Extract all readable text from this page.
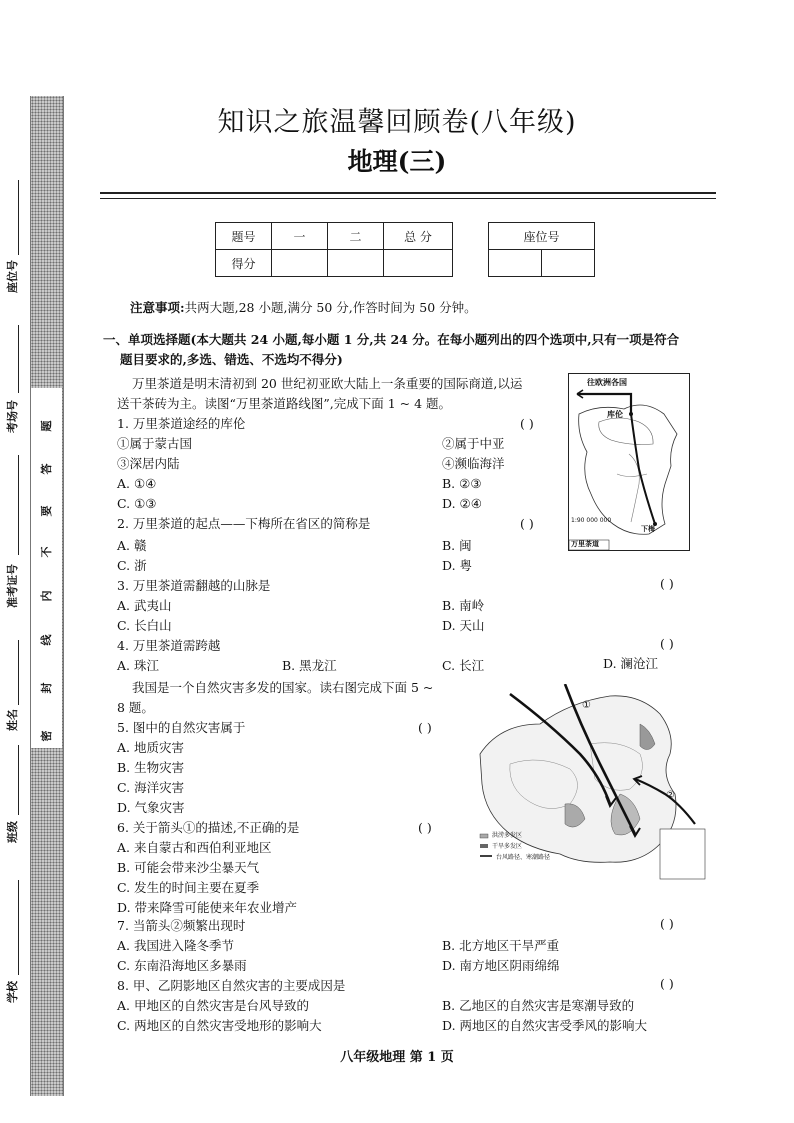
密
封
线
内
不
要
答
题
学校
班级
姓名
准考证号
考场号
座位号
知识之旅温馨回顾卷(八年级)
地理(三)
题号	一	二	总 分
得分			
座位号

注意事项:共两大题,28 小题,满分 50 分,作答时间为 50 分钟。
一、单项选择题(本大题共 24 小题,每小题 1 分,共 24 分。在每小题列出的四个选项中,只有一项是符合
题目要求的,多选、错选、不选均不得分)
万里茶道是明末清初到 20 世纪初亚欧大陆上一条重要的国际商道,以运
送干茶砖为主。读图“万里茶道路线图”,完成下面 1 ~ 4 题。
1. 万里茶道途经的库伦	( )
①属于蒙古国	②属于中亚
③深居内陆	④濒临海洋
A. ①④	B. ②③
C. ①③	D. ②④
2. 万里茶道的起点——下梅所在省区的简称是	( )
A. 赣	B. 闽
C. 浙	D. 粤
3. 万里茶道需翻越的山脉是	( )
A. 武夷山	B. 南岭
C. 长白山	D. 天山
4. 万里茶道需跨越	( )
A. 珠江	B. 黑龙江	C. 长江	D. 澜沧江
我国是一个自然灾害多发的国家。读右图完成下面 5 ~
8 题。
5. 图中的自然灾害属于	( )
A. 地质灾害
B. 生物灾害
C. 海洋灾害
D. 气象灾害
6. 关于箭头①的描述,不正确的是	( )
A. 来自蒙古和西伯利亚地区
B. 可能会带来沙尘暴天气
C. 发生的时间主要在夏季
D. 带来降雪可能使来年农业增产
7. 当箭头②频繁出现时	( )
A. 我国进入隆冬季节	B. 北方地区干旱严重
C. 东南沿海地区多暴雨	D. 南方地区阴雨绵绵
8. 甲、乙阴影地区自然灾害的主要成因是	( )
A. 甲地区的自然灾害是台风导致的	B. 乙地区的自然灾害是寒潮导致的
C. 两地区的自然灾害受地形的影响大	D. 两地区的自然灾害受季风的影响大
往欧洲各国
库伦
下梅
1:90 000 000
万里茶道
①
②
洪涝多发区
干旱多发区
台风路径、寒潮路径
八年级地理 第 1 页
